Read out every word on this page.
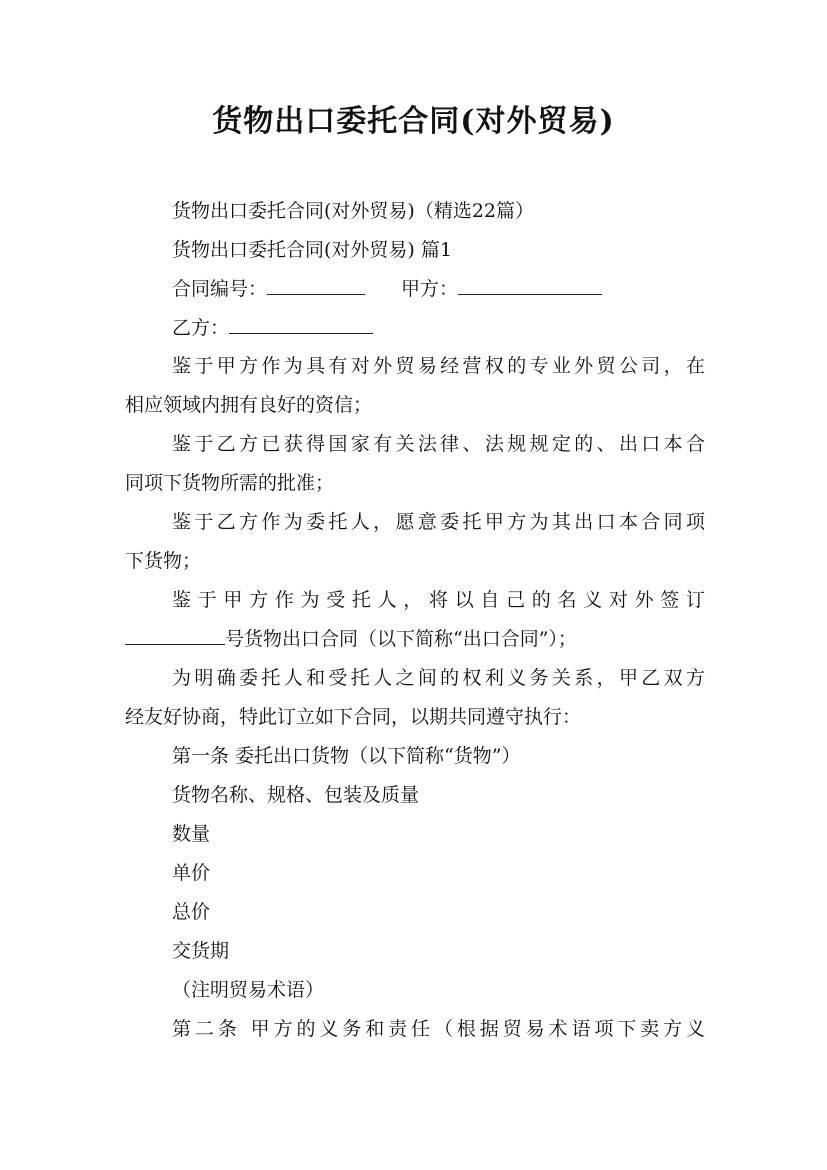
货物出口委托合同(对外贸易)
货物出口委托合同(对外贸易)（精选22篇）
货物出口委托合同(对外贸易) 篇1
合同编号：	甲方：
乙方：
鉴于甲方作为具有对外贸易经营权的专业外贸公司，在
相应领域内拥有良好的资信；
鉴于乙方已获得国家有关法律、法规规定的、出口本合
同项下货物所需的批准；
鉴于乙方作为委托人，愿意委托甲方为其出口本合同项
下货物；
鉴于甲方作为受托人，将以自己的名义对外签订
号货物出口合同（以下简称“出口合同”）；
为明确委托人和受托人之间的权利义务关系，甲乙双方
经友好协商，特此订立如下合同，以期共同遵守执行：
第一条 委托出口货物（以下简称“货物”）
货物名称、规格、包装及质量
数量
单价
总价
交货期
（注明贸易术语）
第二条 甲方的义务和责任（根据贸易术语项下卖方义
